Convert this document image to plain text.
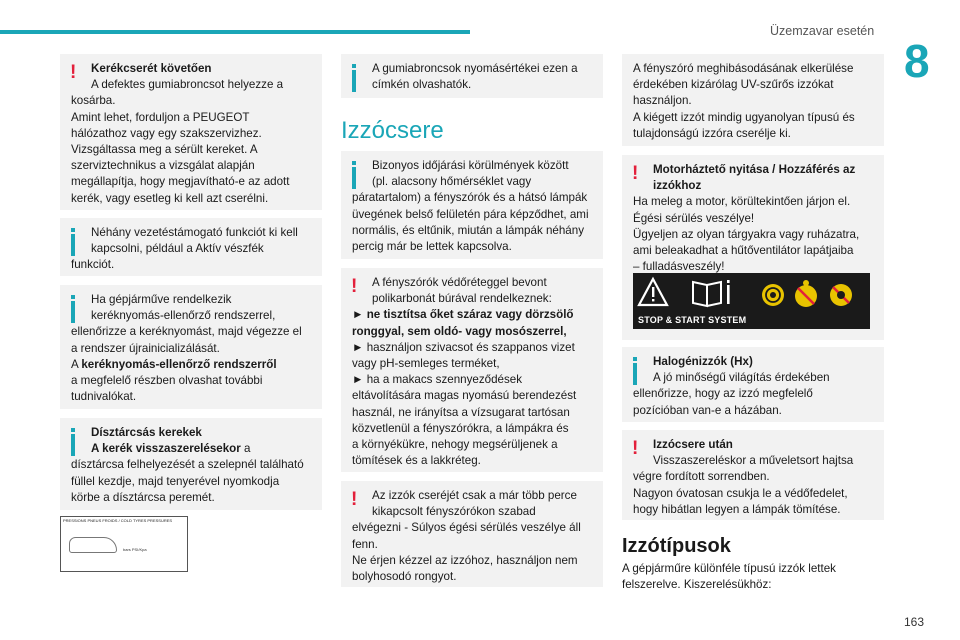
Üzemzavar esetén
8
!	Kerékcserét követően

A defektes gumiabroncsot helyezze a

kosárba.
Amint lehet, forduljon a PEUGEOT
hálózathoz vagy egy szakszervizhez.
Vizsgáltassa meg a sérült kereket. A
szerviztechnikus a vizsgálat alapján
megállapítja, hogy megjavítható-e az adott
kerék, vagy esetleg ki kell azt cserélni.

Néhány vezetéstámogató funkciót ki kell

kapcsolni, például a Aktív vészfék

funkciót.

Ha gépjárműve rendelkezik

keréknyomás-ellenőrző rendszerrel,

ellenőrizze a keréknyomást, majd végezze el
a rendszer újrainicializálását.

A keréknyomás-ellenőrző rendszerről

a megfelelő részben olvashat további
tudnivalókat.

Dísztárcsás kerekek

A kerék visszaszerelésekor a

dísztárcsa felhelyezését a szelepnél található
füllel kezdje, majd tenyerével nyomkodja
körbe a dísztárcsa peremét.

PRESSIONS PNEUS FROIDS / COLD TYRES PRESSURES
bars PSI/Kpa

A gumiabroncsok nyomásértékei ezen a

címkén olvashatók.

Izzócsere

Bizonyos időjárási körülmények között

(pl. alacsony hőmérséklet vagy

páratartalom) a fényszórók és a hátsó lámpák
üvegének belső felületén pára képződhet, ami
normális, és eltűnik, miután a lámpák néhány
percig már be lettek kapcsolva.

!	A fényszórók védőréteggel bevont

polikarbonát búrával rendelkeznek:

► ne tisztítsa őket száraz vagy dörzsölő
ronggyal, sem oldó- vagy mosószerrel,

► használjon szivacsot és szappanos vizet
vagy pH-semleges terméket,
► ha a makacs szennyeződések
eltávolítására magas nyomású berendezést
használ, ne irányítsa a vízsugarat tartósan
közvetlenül a fényszórókra, a lámpákra és
a környékükre, nehogy megsérüljenek a
tömítések és a lakkréteg.

!	Az izzók cseréjét csak a már több perce

kikapcsolt fényszórókon szabad

elvégezni - Súlyos égési sérülés veszélye áll
fenn.
Ne érjen kézzel az izzóhoz, használjon nem
bolyhosodó rongyot.

A fényszóró meghibásodásának elkerülése
érdekében kizárólag UV-szűrős izzókat
használjon.
A kiégett izzót mindig ugyanolyan típusú és
tulajdonságú izzóra cserélje ki.

!	Motorháztető nyitása / Hozzáférés az
izzókhoz

Ha meleg a motor, körültekintően járjon el.
Égési sérülés veszélye!
Ügyeljen az olyan tárgyakra vagy ruházatra,
ami beleakadhat a hűtőventilátor lapátjaiba
– fulladásveszély!

STOP & START SYSTEM

Halogénizzók (Hx)

A jó minőségű világítás érdekében

ellenőrizze, hogy az izzó megfelelő
pozícióban van-e a házában.

!	Izzócsere után

Visszaszereléskor a műveletsort hajtsa

végre fordított sorrendben.
Nagyon óvatosan csukja le a védőfedelet,
hogy hibátlan legyen a lámpák tömítése.

Izzótípusok
A gépjárműre különféle típusú izzók lettek
felszerelve. Kiszerelésükhöz:
163
